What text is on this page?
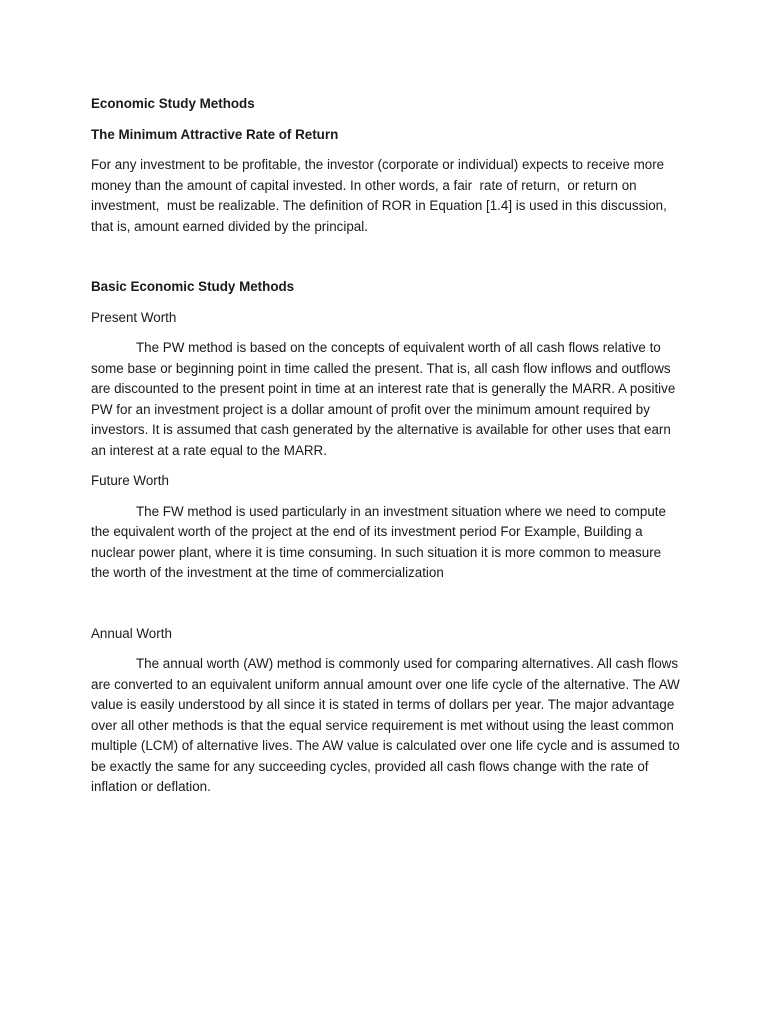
Economic Study Methods

The Minimum Attractive Rate of Return

For any investment to be profitable, the investor (corporate or individual) expects to receive more money than the amount of capital invested. In other words, a fair  rate of return,  or return on investment,  must be realizable. The definition of ROR in Equation [1.4] is used in this discussion, that is, amount earned divided by the principal.

Basic Economic Study Methods

Present Worth

The PW method is based on the concepts of equivalent worth of all cash flows relative to some base or beginning point in time called the present. That is, all cash flow inflows and outflows are discounted to the present point in time at an interest rate that is generally the MARR. A positive PW for an investment project is a dollar amount of profit over the minimum amount required by investors. It is assumed that cash generated by the alternative is available for other uses that earn an interest at a rate equal to the MARR.

Future Worth

The FW method is used particularly in an investment situation where we need to compute the equivalent worth of the project at the end of its investment period For Example, Building a nuclear power plant, where it is time consuming. In such situation it is more common to measure the worth of the investment at the time of commercialization

Annual Worth

The annual worth (AW) method is commonly used for comparing alternatives. All cash flows are converted to an equivalent uniform annual amount over one life cycle of the alternative. The AW value is easily understood by all since it is stated in terms of dollars per year. The major advantage over all other methods is that the equal service requirement is met without using the least common multiple (LCM) of alternative lives. The AW value is calculated over one life cycle and is assumed to be exactly the same for any succeeding cycles, provided all cash flows change with the rate of inflation or deflation.
